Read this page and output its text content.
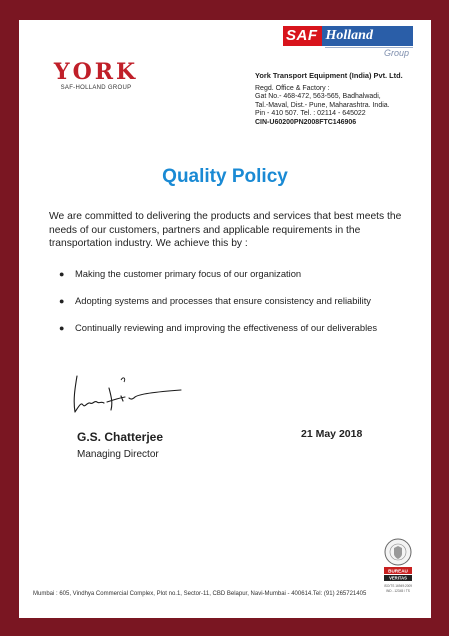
SAF Holland
Group
YORK
SAF-HOLLAND GROUP
York Transport Equipment (India) Pvt. Ltd.
Regd. Office & Factory :
Gat No.- 468-472, 563-565, Badhalwadi,
Tal.-Maval, Dist.- Pune, Maharashtra. India.
Pin - 410 507. Tel. : 02114 - 645022
CIN-U60200PN2008FTC146906
Quality Policy

We are committed to delivering the products and services that best meets the needs of our customers, partners and applicable requirements in the transportation industry. We achieve this by :

● Making the customer primary focus of our organization
● Adopting systems and processes that ensure consistency and reliability
● Continually reviewing and improving the effectiveness of our deliverables
G.S. Chatterjee
Managing Director
21 May 2018
BUREAU
VERITAS
ISO/TS 16949:2009
IND - 12345 / TS
Mumbai : 605, Vindhya Commercial Complex, Plot no.1, Sector-11, CBD Belapur, Navi-Mumbai - 400614.Tel: (91) 265721405
